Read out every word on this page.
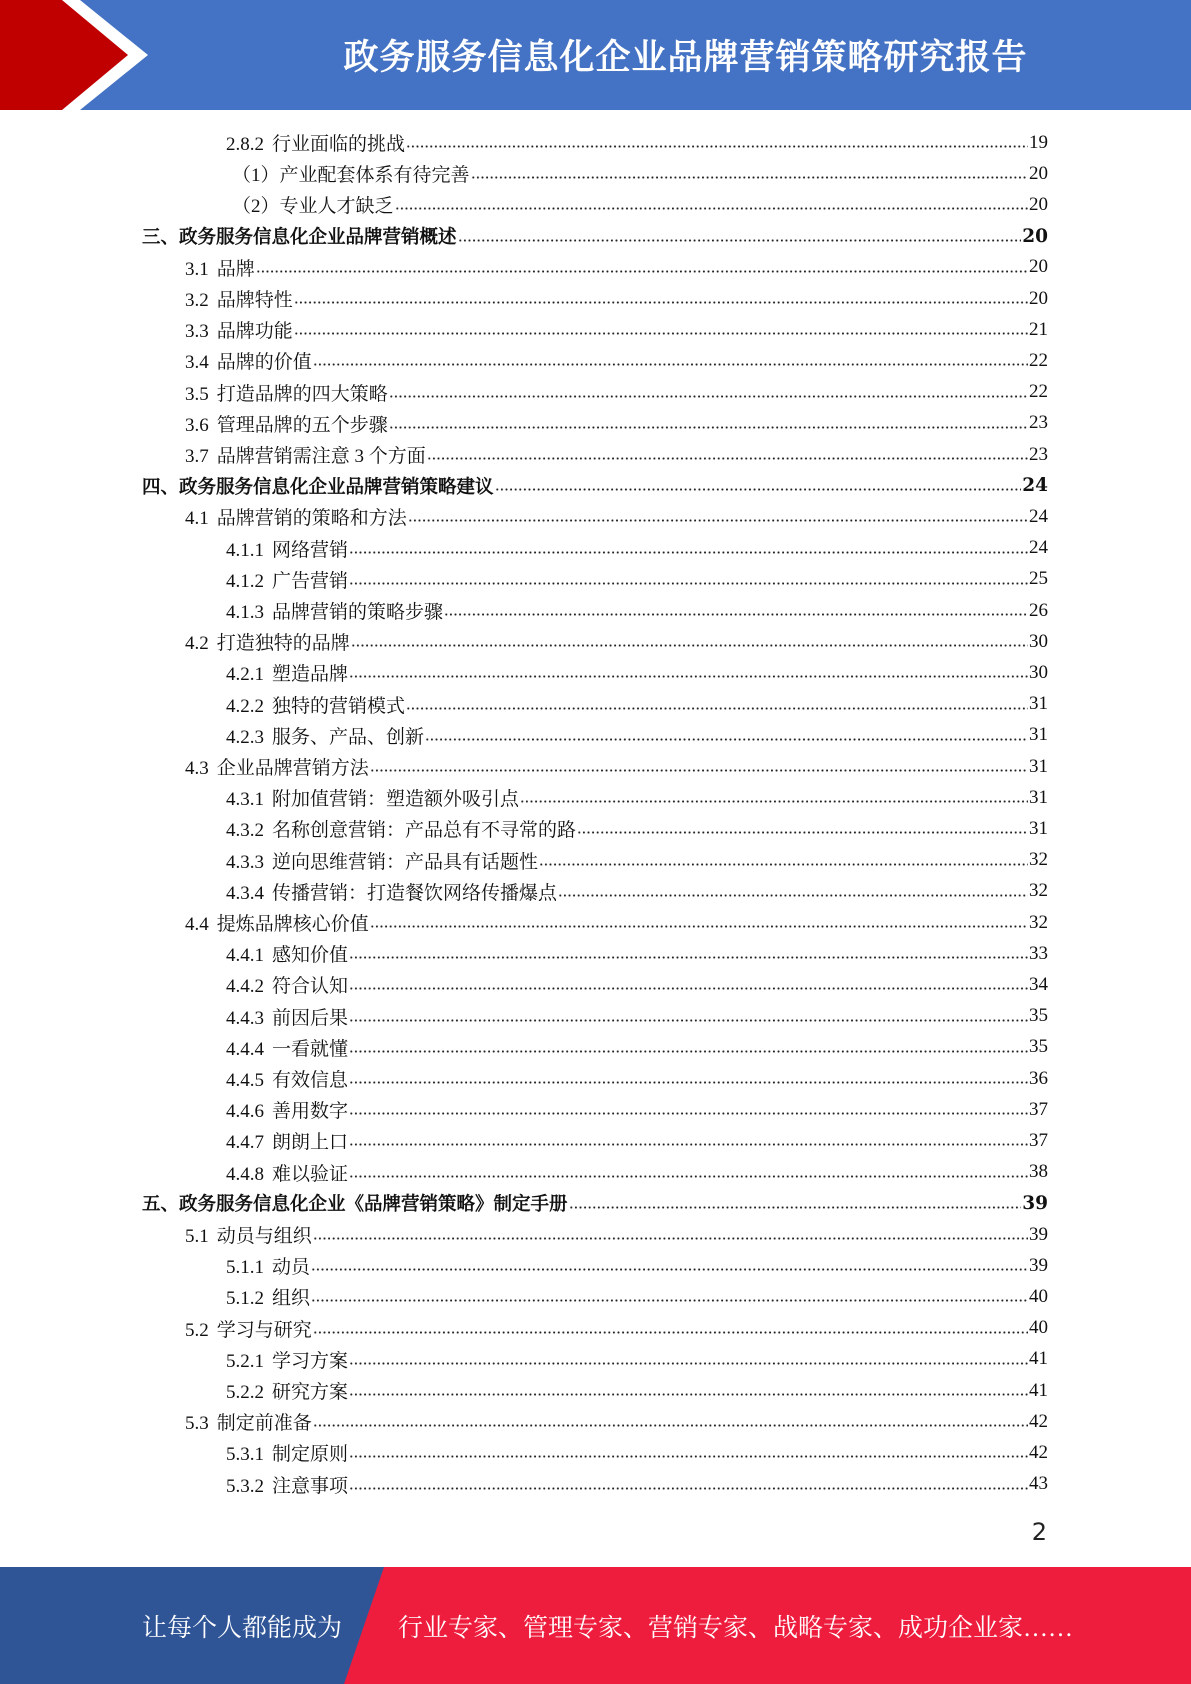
政务服务信息化企业品牌营销策略研究报告
2.8.2 行业面临的挑战	19
（1）产业配套体系有待完善	20
（2）专业人才缺乏	20
三、政务服务信息化企业品牌营销概述	20
3.1 品牌	20
3.2 品牌特性	20
3.3 品牌功能	21
3.4 品牌的价值	22
3.5 打造品牌的四大策略	22
3.6 管理品牌的五个步骤	23
3.7 品牌营销需注意 3 个方面	23
四、政务服务信息化企业品牌营销策略建议	24
4.1 品牌营销的策略和方法	24
4.1.1 网络营销	24
4.1.2 广告营销	25
4.1.3 品牌营销的策略步骤	26
4.2 打造独特的品牌	30
4.2.1 塑造品牌	30
4.2.2 独特的营销模式	31
4.2.3 服务、产品、创新	31
4.3 企业品牌营销方法	31
4.3.1 附加值营销：塑造额外吸引点	31
4.3.2 名称创意营销：产品总有不寻常的路	31
4.3.3 逆向思维营销：产品具有话题性	32
4.3.4 传播营销：打造餐饮网络传播爆点	32
4.4 提炼品牌核心价值	32
4.4.1 感知价值	33
4.4.2 符合认知	34
4.4.3 前因后果	35
4.4.4 一看就懂	35
4.4.5 有效信息	36
4.4.6 善用数字	37
4.4.7 朗朗上口	37
4.4.8 难以验证	38
五、政务服务信息化企业《品牌营销策略》制定手册	39
5.1 动员与组织	39
5.1.1 动员	39
5.1.2 组织	40
5.2 学习与研究	40
5.2.1 学习方案	41
5.2.2 研究方案	41
5.3 制定前准备	42
5.3.1 制定原则	42
5.3.2 注意事项	43
2
让每个人都能成为 行业专家、管理专家、营销专家、战略专家、成功企业家……
